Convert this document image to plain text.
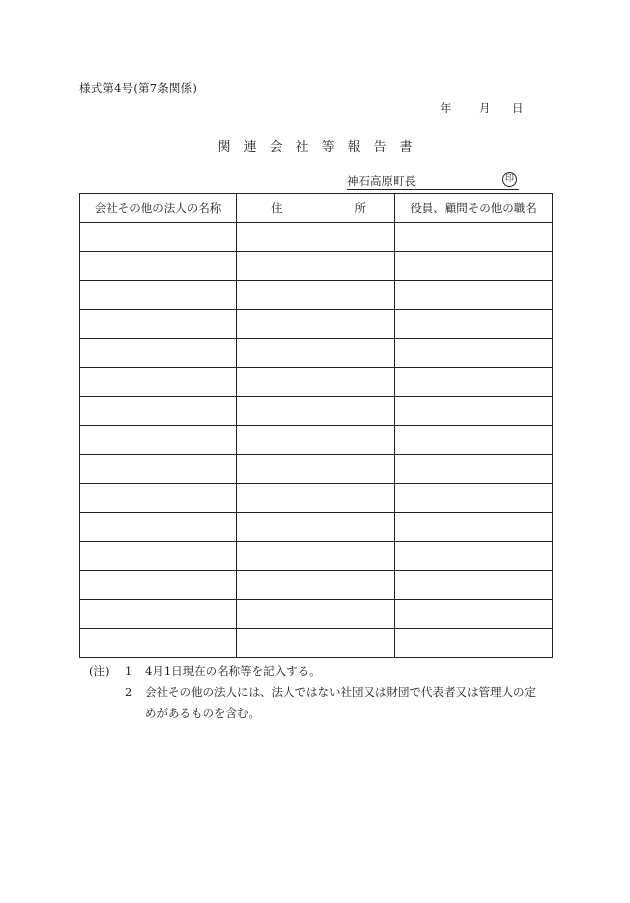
様式第4号(第7条関係)
年 月 日
関連会社等報告書
神石高原町長	印
会社その他の法人の名称	住 所	役員、顧問その他の職名

(注) 1 4月1日現在の名称等を記入する。
2 会社その他の法人には、法人ではない社団又は財団で代表者又は管理人の定
めがあるものを含む。
